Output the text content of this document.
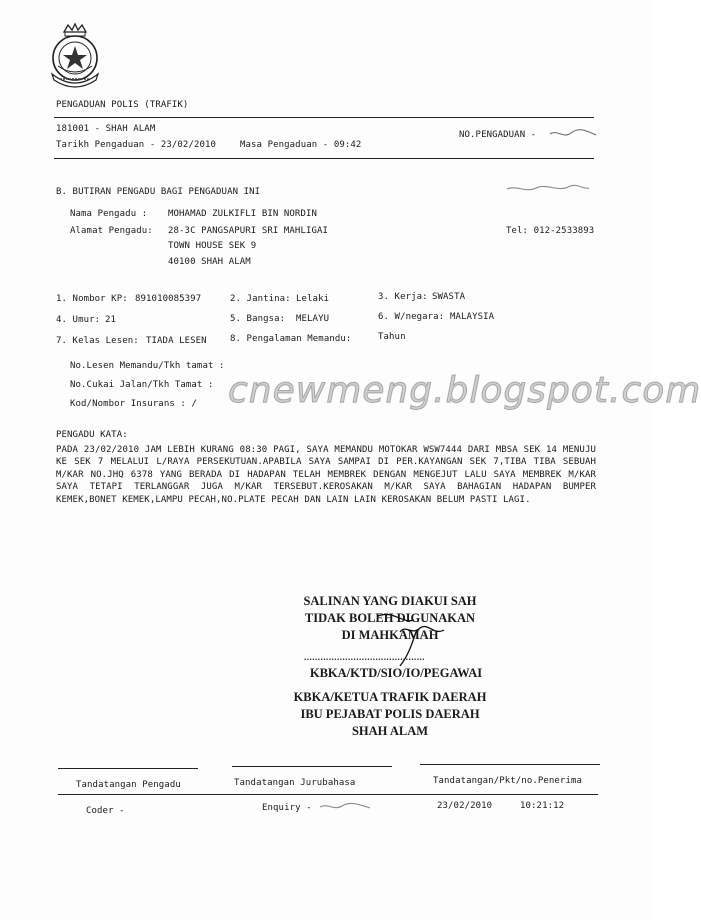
PENGADUAN POLIS (TRAFIK)
181001 - SHAH ALAM
Tarikh Pengaduan - 23/02/2010	Masa Pengaduan - 09:42
NO.PENGADUAN -
B. BUTIRAN PENGADU BAGI PENGADUAN INI
Nama Pengadu : MOHAMAD ZULKIFLI BIN NORDIN
Alamat Pengadu: 28-3C PANGSAPURI SRI MAHLIGAI
TOWN HOUSE SEK 9
40100 SHAH ALAM
Tel: 012-2533893
1. Nombor KP: 891010085397	2. Jantina: Lelaki	3. Kerja: SWASTA
4. Umur: 21	5. Bangsa: MELAYU	6. W/negara: MALAYSIA
7. Kelas Lesen: TIADA LESEN	8. Pengalaman Memandu:	Tahun
No.Lesen Memandu/Tkh tamat :
No.Cukai Jalan/Tkh Tamat :
Kod/Nombor Insurans : / cnewmeng.blogspot.com
PENGADU KATA:
PADA 23/02/2010 JAM LEBIH KURANG 08:30 PAGI, SAYA MEMANDU MOTOKAR WSW7444 DARI MBSA SEK 14 MENUJU KE SEK 7 MELALUI L/RAYA PERSEKUTUAN.APABILA SAYA SAMPAI DI PER.KAYANGAN SEK 7,TIBA TIBA SEBUAH M/KAR NO.JHQ 6378 YANG BERADA DI HADAPAN TELAH MEMBREK DENGAN MENGEJUT LALU SAYA MEMBREK M/KAR SAYA TETAPI TERLANGGAR JUGA M/KAR TERSEBUT.KEROSAKAN M/KAR SAYA BAHAGIAN HADAPAN BUMPER KEMEK,BONET KEMEK,LAMPU PECAH,NO.PLATE PECAH DAN LAIN LAIN KEROSAKAN BELUM PASTI LAGI.
SALINAN YANG DIAKUI SAH
TIDAK BOLEH DIGUNAKAN
DI MAHKAMAH
............................................
KBKA/KTD/SIO/IO/PEGAWAI
KBKA/KETUA TRAFIK DAERAH
IBU PEJABAT POLIS DAERAH
SHAH ALAM
Tandatangan Pengadu	Tandatangan Jurubahasa	Tandatangan/Pkt/no.Penerima
Coder -	Enquiry -	23/02/2010	10:21:12
